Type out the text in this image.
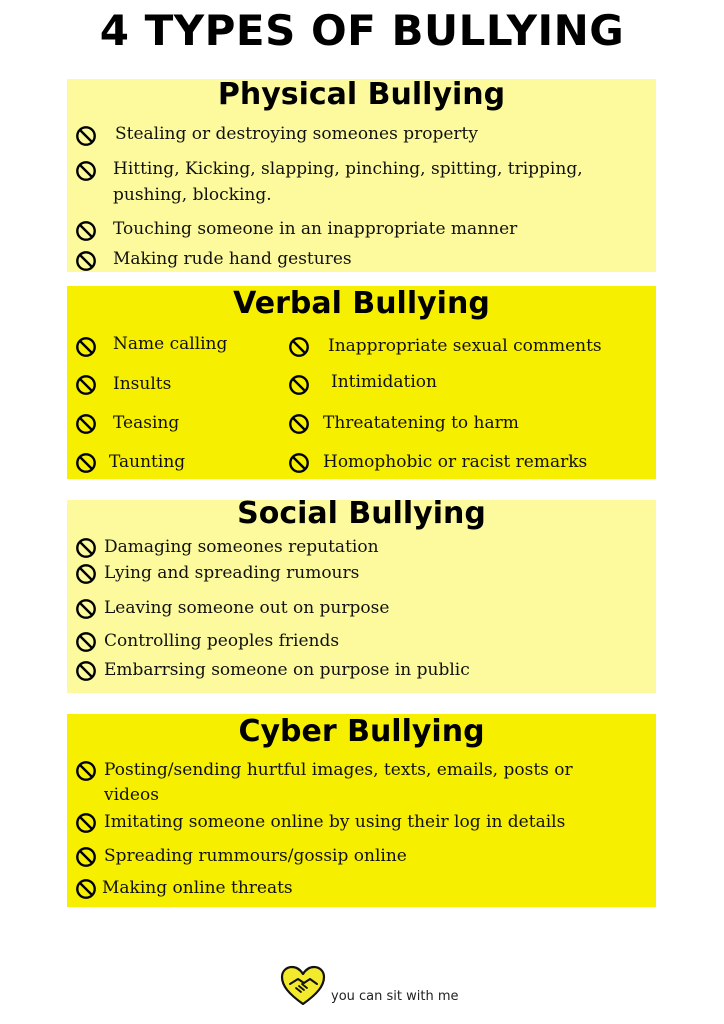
4 TYPES OF BULLYING
Physical Bullying
Stealing or destroying someones property
Hitting, Kicking, slapping, pinching, spitting, tripping,
pushing, blocking.
Touching someone in an inappropriate manner
Making rude hand gestures
Verbal Bullying
Name calling
Insults
Teasing
Taunting
Inappropriate sexual comments
Intimidation
Threatatening to harm
Homophobic or racist remarks
Social Bullying
Damaging someones reputation
Lying and spreading rumours
Leaving someone out on purpose
Controlling peoples friends
Embarrsing someone on purpose in public
Cyber Bullying
Posting/sending hurtful images, texts, emails, posts or
videos
Imitating someone online by using their log in details
Spreading rummours/gossip online
Making online threats
you can sit with me
